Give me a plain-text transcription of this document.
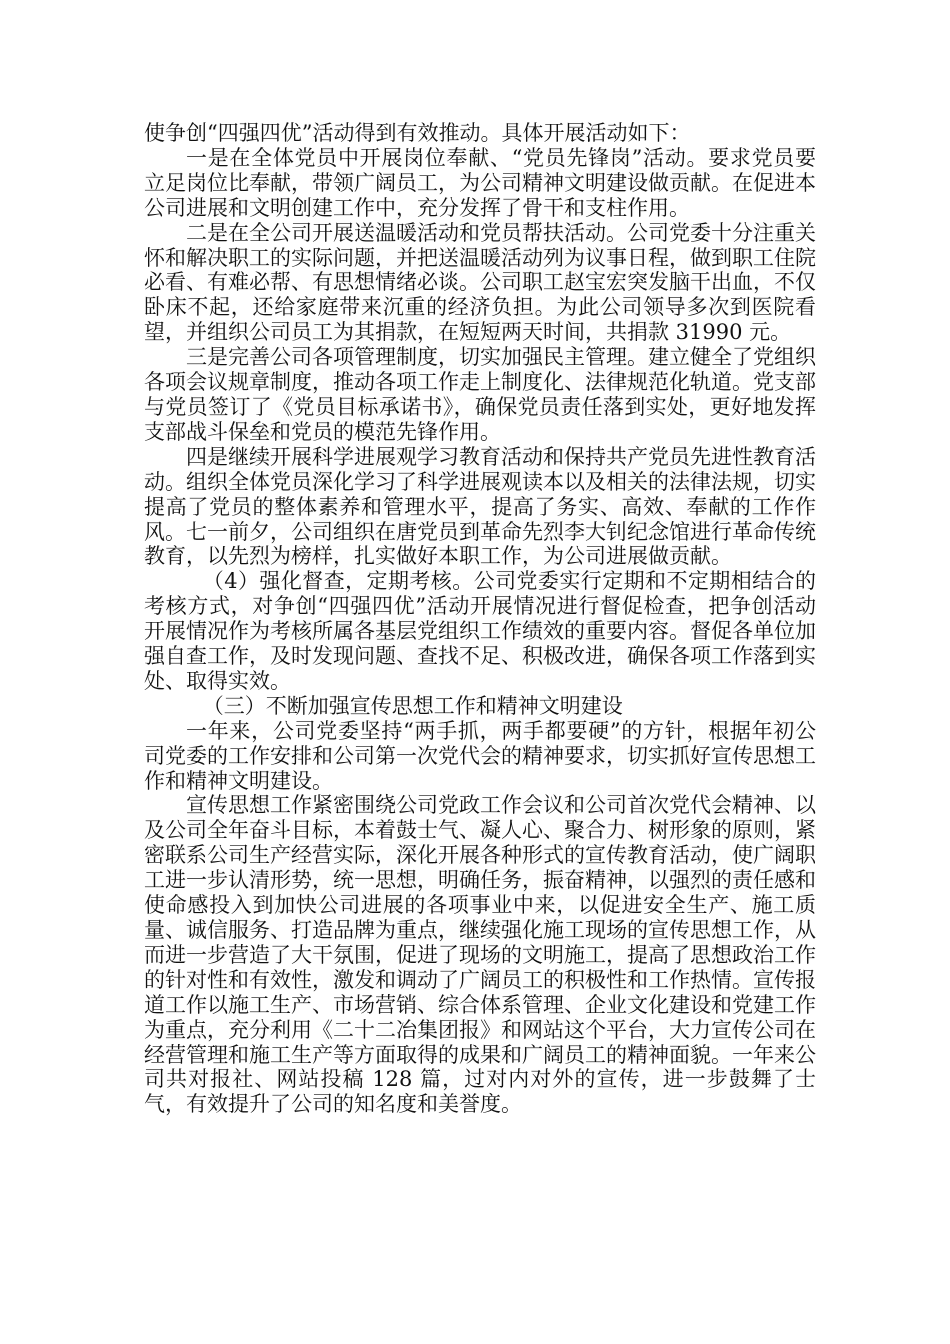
使争创“四强四优”活动得到有效推动。具体开展活动如下：

一是在全体党员中开展岗位奉献、“党员先锋岗”活动。要求党员要立足岗位比奉献，带领广阔员工，为公司精神文明建设做贡献。在促进本公司进展和文明创建工作中，充分发挥了骨干和支柱作用。

二是在全公司开展送温暖活动和党员帮扶活动。公司党委十分注重关怀和解决职工的实际问题，并把送温暖活动列为议事日程，做到职工住院必看、有难必帮、有思想情绪必谈。公司职工赵宝宏突发脑干出血，不仅卧床不起，还给家庭带来沉重的经济负担。为此公司领导多次到医院看望，并组织公司员工为其捐款，在短短两天时间，共捐款 31990 元。

三是完善公司各项管理制度，切实加强民主管理。建立健全了党组织各项会议规章制度，推动各项工作走上制度化、法律规范化轨道。党支部与党员签订了《党员目标承诺书》，确保党员责任落到实处，更好地发挥支部战斗保垒和党员的模范先锋作用。

四是继续开展科学进展观学习教育活动和保持共产党员先进性教育活动。组织全体党员深化学习了科学进展观读本以及相关的法律法规，切实提高了党员的整体素养和管理水平，提高了务实、高效、奉献的工作作风。七一前夕，公司组织在唐党员到革命先烈李大钊纪念馆进行革命传统教育，以先烈为榜样，扎实做好本职工作，为公司进展做贡献。

（4）强化督查，定期考核。公司党委实行定期和不定期相结合的考核方式，对争创“四强四优”活动开展情况进行督促检查，把争创活动开展情况作为考核所属各基层党组织工作绩效的重要内容。督促各单位加强自查工作，及时发现问题、查找不足、积极改进，确保各项工作落到实处、取得实效。

（三）不断加强宣传思想工作和精神文明建设

一年来，公司党委坚持“两手抓，两手都要硬”的方针，根据年初公司党委的工作安排和公司第一次党代会的精神要求，切实抓好宣传思想工作和精神文明建设。

宣传思想工作紧密围绕公司党政工作会议和公司首次党代会精神、以及公司全年奋斗目标，本着鼓士气、凝人心、聚合力、树形象的原则，紧密联系公司生产经营实际，深化开展各种形式的宣传教育活动，使广阔职工进一步认清形势，统一思想，明确任务，振奋精神，以强烈的责任感和使命感投入到加快公司进展的各项事业中来，以促进安全生产、施工质量、诚信服务、打造品牌为重点，继续强化施工现场的宣传思想工作，从而进一步营造了大干氛围，促进了现场的文明施工，提高了思想政治工作的针对性和有效性，激发和调动了广阔员工的积极性和工作热情。宣传报道工作以施工生产、市场营销、综合体系管理、企业文化建设和党建工作为重点，充分利用《二十二冶集团报》和网站这个平台，大力宣传公司在经营管理和施工生产等方面取得的成果和广阔员工的精神面貌。一年来公司共对报社、网站投稿 128 篇，过对内对外的宣传，进一步鼓舞了士气，有效提升了公司的知名度和美誉度。
